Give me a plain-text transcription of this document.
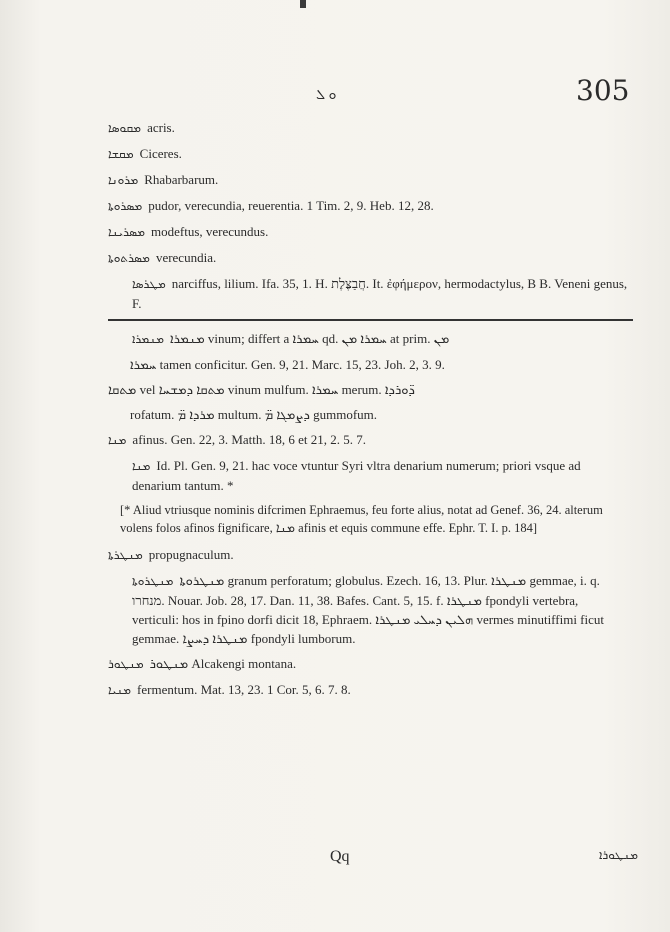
ܘ ܠ	305
ܡܩܘܣܐ acris.
ܡܩܫܐ Ciceres.
ܡܪܘܢܐ Rhabarbarum.
ܡܣܪܘܬܐ pudor, verecundia, reuerentia. 1 Tim. 2, 9. Heb. 12, 28.
ܡܣܪܝܢܐ modeftus, verecundus.
ܡܣܪܬܘܬܐ verecundia.
ܡܛܪܣܐ narciffus, lilium. Ifa. 35, 1. H. חֲבַצֶּלֶת. It. ἐφήμερον, hermodactylus, B B. Veneni genus, F.
ܡܢܡܪܐ ܡܢܡܪܐ vinum; differt a ܚܡܪܐ qd. ܚܡܪܐ ܡܢ at prim. ܡܢ
ܚܡܪܐ tamen conficitur. Gen. 9, 21. Marc. 15, 23. Joh. 2, 3. 9.
ܡܬܩܐ vel ܡܬܩܐ ܕܡܫܚܐ vinum mulfum. ܚܡܪܐ merum. ܕ̈ܘܪܕܐ
rofatum. ܡܪܕܐ ܡ̈ multum. ܕܨܡܓܐ ܡ̈ gummofum.
ܡܢܐ afinus. Gen. 22, 3. Matth. 18, 6 et 21, 2. 5. 7.
ܡܢܐ Id. Pl. Gen. 9, 21. hac voce vtuntur Syri vltra denarium numerum; priori vsque ad denarium tantum. *
[* Aliud vtriusque nominis difcrimen Ephraemus, feu forte alius, notat ad Genef. 36, 24. alterum volens folos afinos fignificare, ܡܢܐ afinis et equis commune effe. Ephr. T. I. p. 184]
ܡܢܛܪܬܐ propugnaculum.
ܡܢܛܪܘܬܐ ܡܢܛܪܘܬܐ granum perforatum; globulus. Ezech. 16, 13. Plur. ܡܢܛܪܐ gemmae, i. q. מנחרו. Nouar. Job. 28, 17. Dan. 11, 38. Bafes. Cant. 5, 15. f. ܡܢܛܪܐ fpondyli vertebra, verticuli: hos in fpino dorfi dicit 18, Ephraem. ܗܠܝܢ ܕܚܠܝ ܡܢܛܪܐ vermes minutiffimi ficut gemmae. ܡܢܛܪܐ ܕܚܨܐ fpondyli lumborum.
ܡܢܛܘܪ ܡܢܛܘܪ Alcakengi montana.
ܡܢܝܐ fermentum. Mat. 13, 23. 1 Cor. 5, 6. 7. 8.
Qq	ܡܢܛܘܪܐ
